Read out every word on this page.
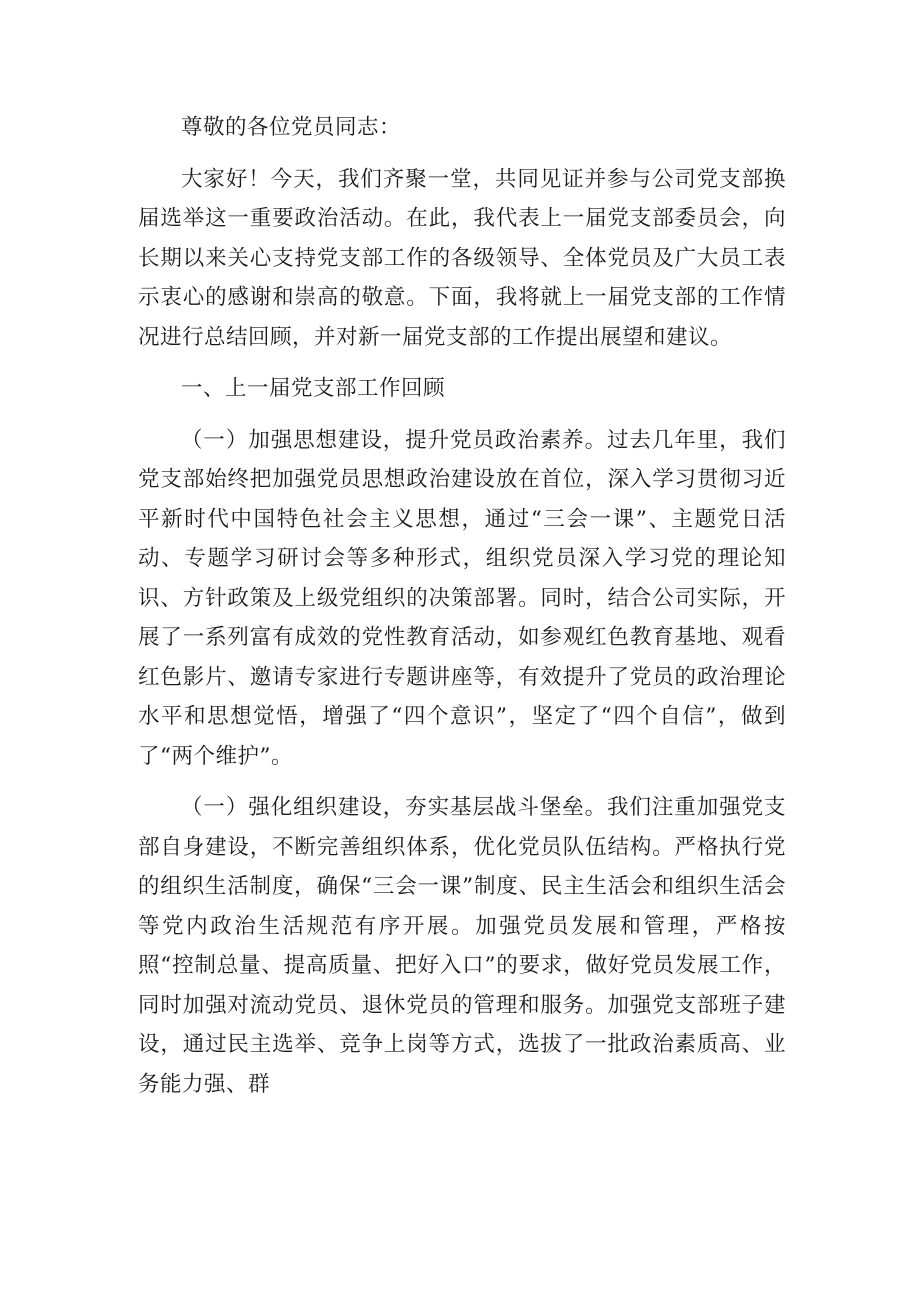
尊敬的各位党员同志：

大家好！今天，我们齐聚一堂，共同见证并参与公司党支部换届选举这一重要政治活动。在此，我代表上一届党支部委员会，向长期以来关心支持党支部工作的各级领导、全体党员及广大员工表示衷心的感谢和崇高的敬意。下面，我将就上一届党支部的工作情况进行总结回顾，并对新一届党支部的工作提出展望和建议。

一、上一届党支部工作回顾

（一）加强思想建设，提升党员政治素养。过去几年里，我们党支部始终把加强党员思想政治建设放在首位，深入学习贯彻习近平新时代中国特色社会主义思想，通过“三会一课”、主题党日活动、专题学习研讨会等多种形式，组织党员深入学习党的理论知识、方针政策及上级党组织的决策部署。同时，结合公司实际，开展了一系列富有成效的党性教育活动，如参观红色教育基地、观看红色影片、邀请专家进行专题讲座等，有效提升了党员的政治理论水平和思想觉悟，增强了“四个意识”，坚定了“四个自信”，做到了“两个维护”。

（一）强化组织建设，夯实基层战斗堡垒。我们注重加强党支部自身建设，不断完善组织体系，优化党员队伍结构。严格执行党的组织生活制度，确保“三会一课”制度、民主生活会和组织生活会等党内政治生活规范有序开展。加强党员发展和管理，严格按照“控制总量、提高质量、把好入口”的要求，做好党员发展工作，同时加强对流动党员、退休党员的管理和服务。加强党支部班子建设，通过民主选举、竞争上岗等方式，选拔了一批政治素质高、业务能力强、群
